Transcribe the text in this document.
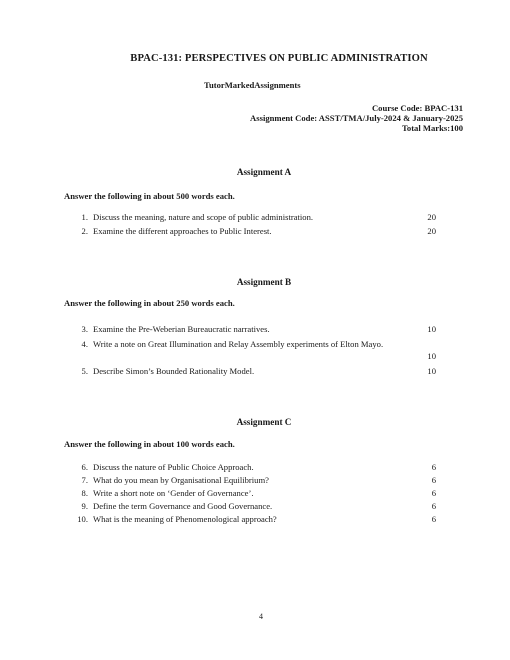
BPAC-131: PERSPECTIVES ON PUBLIC ADMINISTRATION
TutorMarkedAssignments
Course Code: BPAC-131
Assignment Code: ASST/TMA/July-2024 & January-2025
Total Marks:100
Assignment A
Answer the following in about 500 words each.
1. Discuss the meaning, nature and scope of public administration.	20
2. Examine the different approaches to Public Interest.	20
Assignment B
Answer the following in about 250 words each.
3. Examine the Pre-Weberian Bureaucratic narratives.	10
4. Write a note on Great Illumination and Relay Assembly experiments of Elton Mayo.
10
5. Describe Simon’s Bounded Rationality Model.	10
Assignment C
Answer the following in about 100 words each.
6. Discuss the nature of Public Choice Approach.	6
7. What do you mean by Organisational Equilibrium?	6
8. Write a short note on ‘Gender of Governance’.	6
9. Define the term Governance and Good Governance.	6
10. What is the meaning of Phenomenological approach?	6
4
